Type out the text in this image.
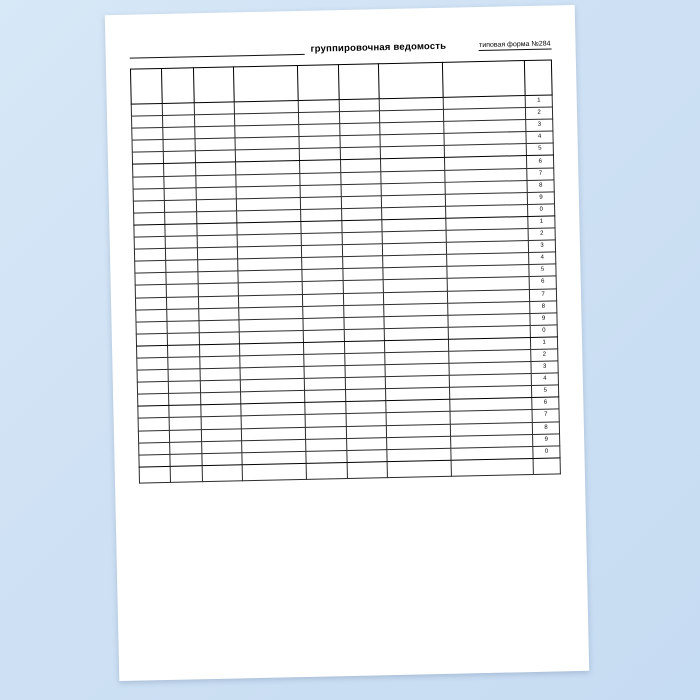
группировочная ведомость	типовая форма №284

								1
								2
								3
								4
								5
								6
								7
								8
								9
								0
								1
								2
								3
								4
								5
								6
								7
								8
								9
								0
								1
								2
								3
								4
								5
								6
								7
								8
								9
								0
